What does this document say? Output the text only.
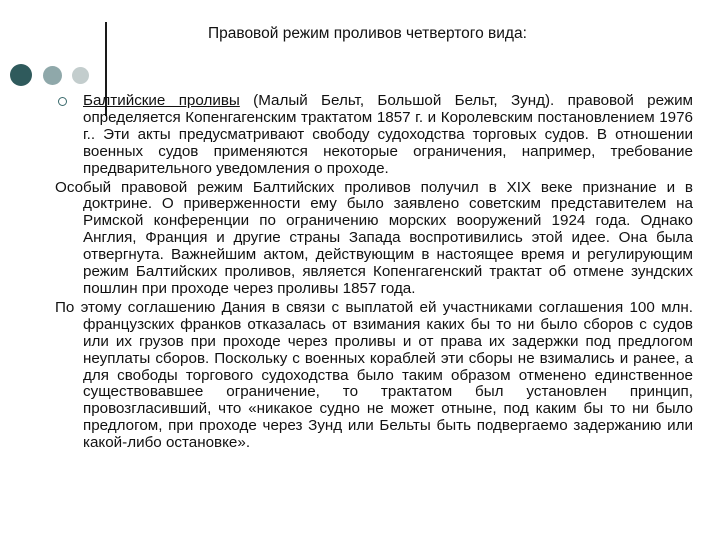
Правовой режим проливов четвертого вида:

Балтийские проливы (Малый Бельт, Большой Бельт, Зунд). правовой режим определяется Копенгагенским трактатом 1857 г. и Королевским постановлением 1976 г.. Эти акты предусматривают свободу судоходства торговых судов. В отношении военных судов применяются некоторые ограничения, например, требование предварительного уведомления о проходе.

Особый правовой режим Балтийских проливов получил в XIX веке признание и в доктрине. О приверженности ему было заявлено советским представителем на Римской конференции по ограничению морских вооружений 1924 года. Однако Англия, Франция и другие страны Запада воспротивились этой идее. Она была отвергнута. Важнейшим актом, действующим в настоящее время и регулирующим режим Балтийских проливов, является Копенгагенский трактат об отмене зундских пошлин при проходе через проливы 1857 года.

По этому соглашению Дания в связи с выплатой ей участниками соглашения 100 млн. французских франков отказалась от взимания каких бы то ни было сборов с судов или их грузов при проходе через проливы и от права их задержки под предлогом неуплаты сборов. Поскольку с военных кораблей эти сборы не взимались и ранее, а для свободы торгового судоходства было таким образом отменено единственное существовавшее ограничение, то трактатом был установлен принцип, провозгласивший, что «никакое судно не может отныне, под каким бы то ни было предлогом, при проходе через Зунд или Бельты быть подвергаемо задержанию или какой-либо остановке».
